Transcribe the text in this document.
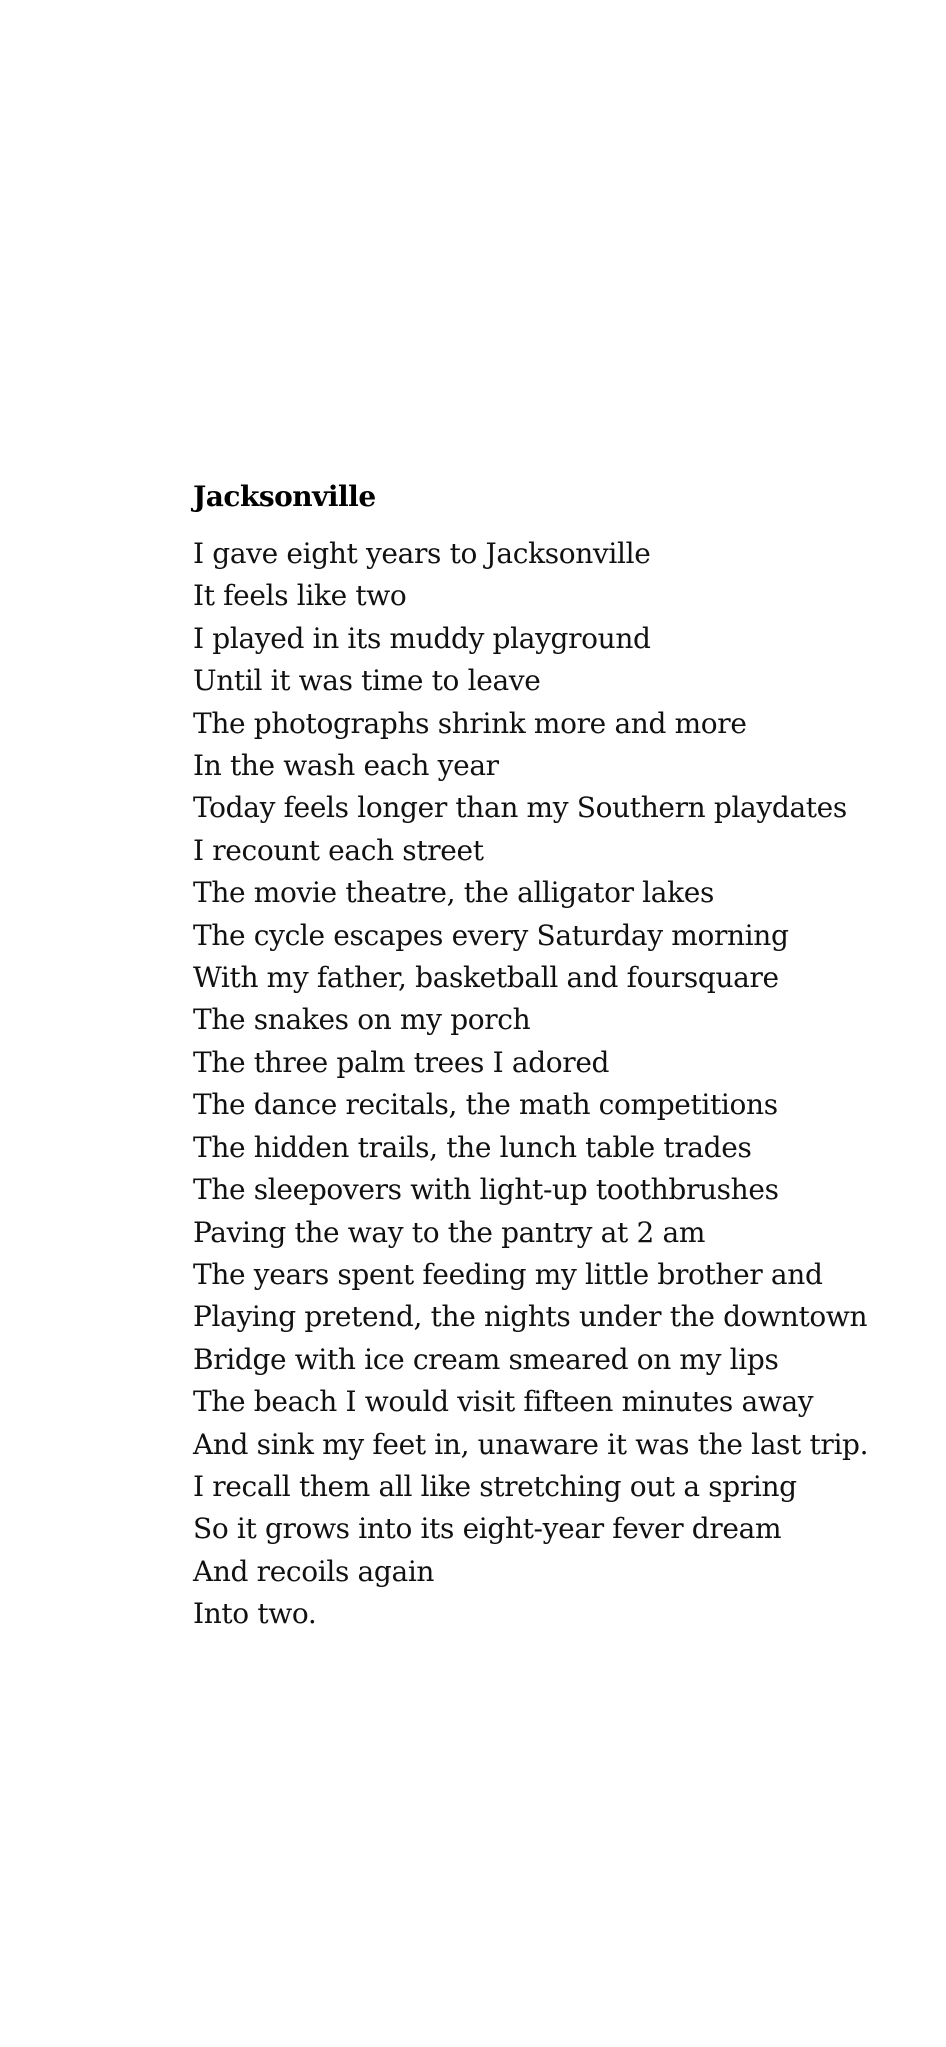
Jacksonville
I gave eight years to Jacksonville
It feels like two
I played in its muddy playground
Until it was time to leave
The photographs shrink more and more
In the wash each year
Today feels longer than my Southern playdates
I recount each street
The movie theatre, the alligator lakes
The cycle escapes every Saturday morning
With my father, basketball and foursquare
The snakes on my porch
The three palm trees I adored
The dance recitals, the math competitions
The hidden trails, the lunch table trades
The sleepovers with light-up toothbrushes
Paving the way to the pantry at 2 am
The years spent feeding my little brother and
Playing pretend, the nights under the downtown
Bridge with ice cream smeared on my lips
The beach I would visit fifteen minutes away
And sink my feet in, unaware it was the last trip.
I recall them all like stretching out a spring
So it grows into its eight-year fever dream
And recoils again
Into two.
